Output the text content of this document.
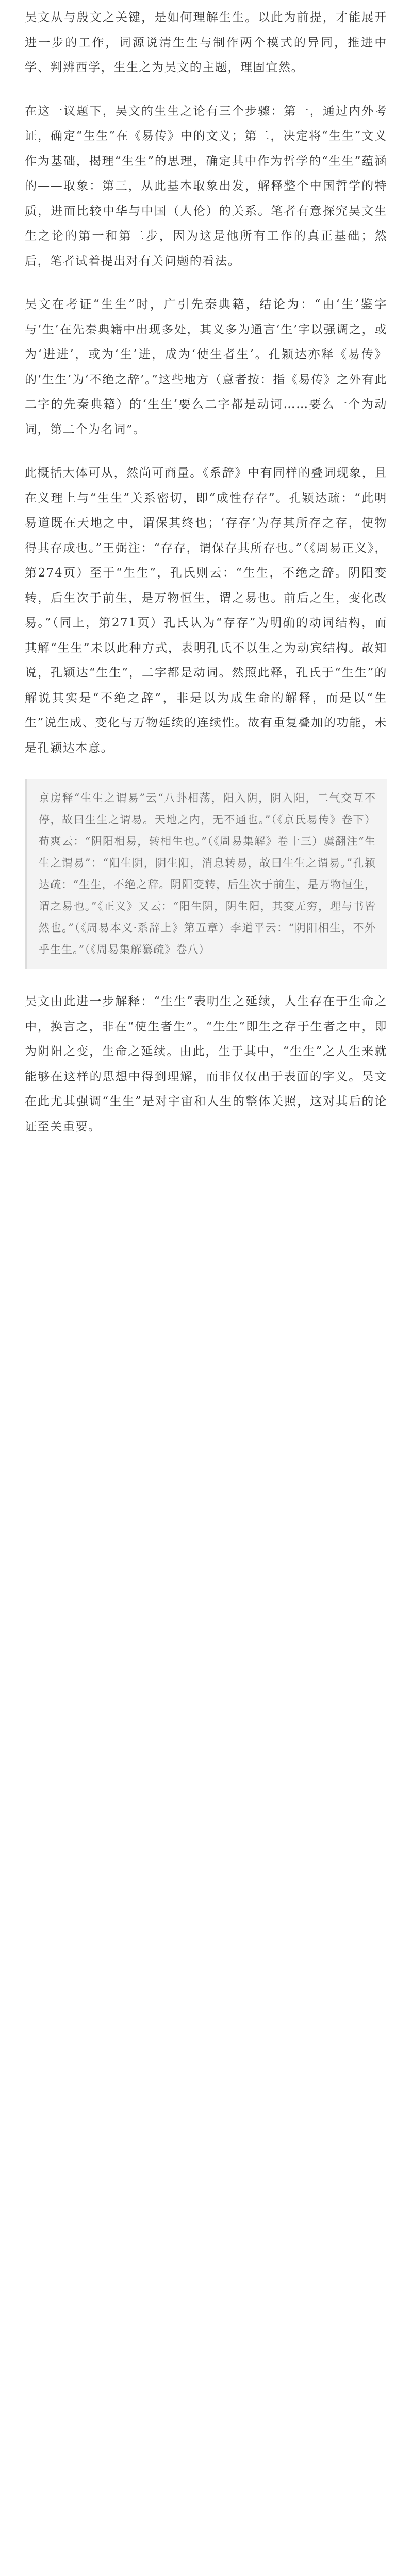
吴文从与殷文之关键，是如何理解生生。以此为前提，才能展开进一步的工作，词源说清生生与制作两个模式的异同，推进中学、判辨西学，生生之为吴文的主题，理固宜然。

在这一议题下，吴文的生生之论有三个步骤：第一，通过内外考证，确定“生生”在《易传》中的文义；第二，决定将“生生”文义作为基础，揭理“生生”的思理，确定其中作为哲学的“生生”蕴涵的——取象：第三，从此基本取象出发，解释整个中国哲学的特质，进而比较中华与中国（人伦）的关系。笔者有意探究吴文生生之论的第一和第二步，因为这是他所有工作的真正基础；然后，笔者试着提出对有关问题的看法。

吴文在考证“生生”时，广引先秦典籍，结论为：“由‘生’鉴字与‘生’在先秦典籍中出现多处，其义多为通言‘生’字以强调之，或为‘进进’，或为‘生’进，成为‘使生者生’。孔颖达亦释《易传》的‘生生’为‘不绝之辞’。”这些地方（意者按：指《易传》之外有此二字的先秦典籍）的‘生生’要么二字都是动词……要么一个为动词，第二个为名词”。

此概括大体可从，然尚可商量。《系辞》中有同样的叠词现象，且在义理上与“生生”关系密切，即“成性存存”。孔颖达疏：“此明易道既在天地之中，谓保其终也；‘存存’为存其所存之存，使物得其存成也。”王弼注：“存存，谓保存其所存也。”（《周易正义》，第274页）至于“生生”，孔氏则云：“生生，不绝之辞。阴阳变转，后生次于前生，是万物恒生，谓之易也。前后之生，变化改易。”（同上，第271页）孔氏认为“存存”为明确的动词结构，而其解“生生”未以此种方式，表明孔氏不以生之为动宾结构。故知说，孔颖达“生生”，二字都是动词。然照此释，孔氏于“生生”的解说其实是“不绝之辞”，非是以为成生命的解释，而是以“生生”说生成、变化与万物延续的连续性。故有重复叠加的功能，未是孔颖达本意。

京房释“生生之谓易”云“八卦相荡，阳入阴，阴入阳，二气交互不停，故曰生生之谓易。天地之内，无不通也。”（《京氏易传》卷下）荀爽云：“阴阳相易，转相生也。”（《周易集解》卷十三）虞翻注“生生之谓易”：“阳生阴，阴生阳，消息转易，故曰生生之谓易。”孔颖达疏：“生生，不绝之辞。阴阳变转，后生次于前生，是万物恒生，谓之易也。”《正义》又云：“阳生阴，阴生阳，其变无穷，理与书皆然也。”（《周易本义·系辞上》第五章）李道平云：“阴阳相生，不外乎生生。”（《周易集解纂疏》卷八）

吴文由此进一步解释：“生生”表明生之延续，人生存在于生命之中，换言之，非在“使生者生”。“生生”即生之存于生者之中，即为阴阳之变，生命之延续。由此，生于其中，“生生”之人生来就能够在这样的思想中得到理解，而非仅仅出于表面的字义。吴文在此尤其强调“生生”是对宇宙和人生的整体关照，这对其后的论证至关重要。
